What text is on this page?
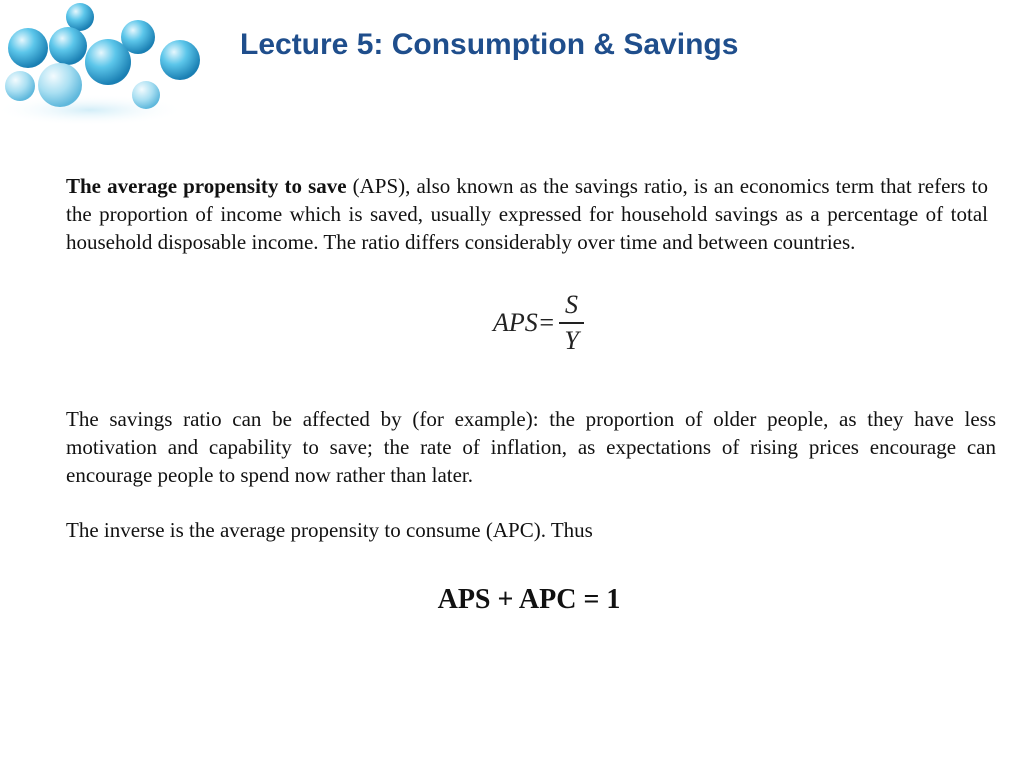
Lecture 5: Consumption & Savings

The average propensity to save (APS), also known as the savings ratio, is an economics term that refers to the proportion of income which is saved, usually expressed for household savings as a percentage of total household disposable income. The ratio differs considerably over time and between countries.

$APS= \frac{S}{Y}$

The savings ratio can be affected by (for example): the proportion of older people, as they have less motivation and capability to save; the rate of inflation, as expectations of rising prices encourage can encourage people to spend now rather than later.

The inverse is the average propensity to consume (APC). Thus

APS + APC = 1
